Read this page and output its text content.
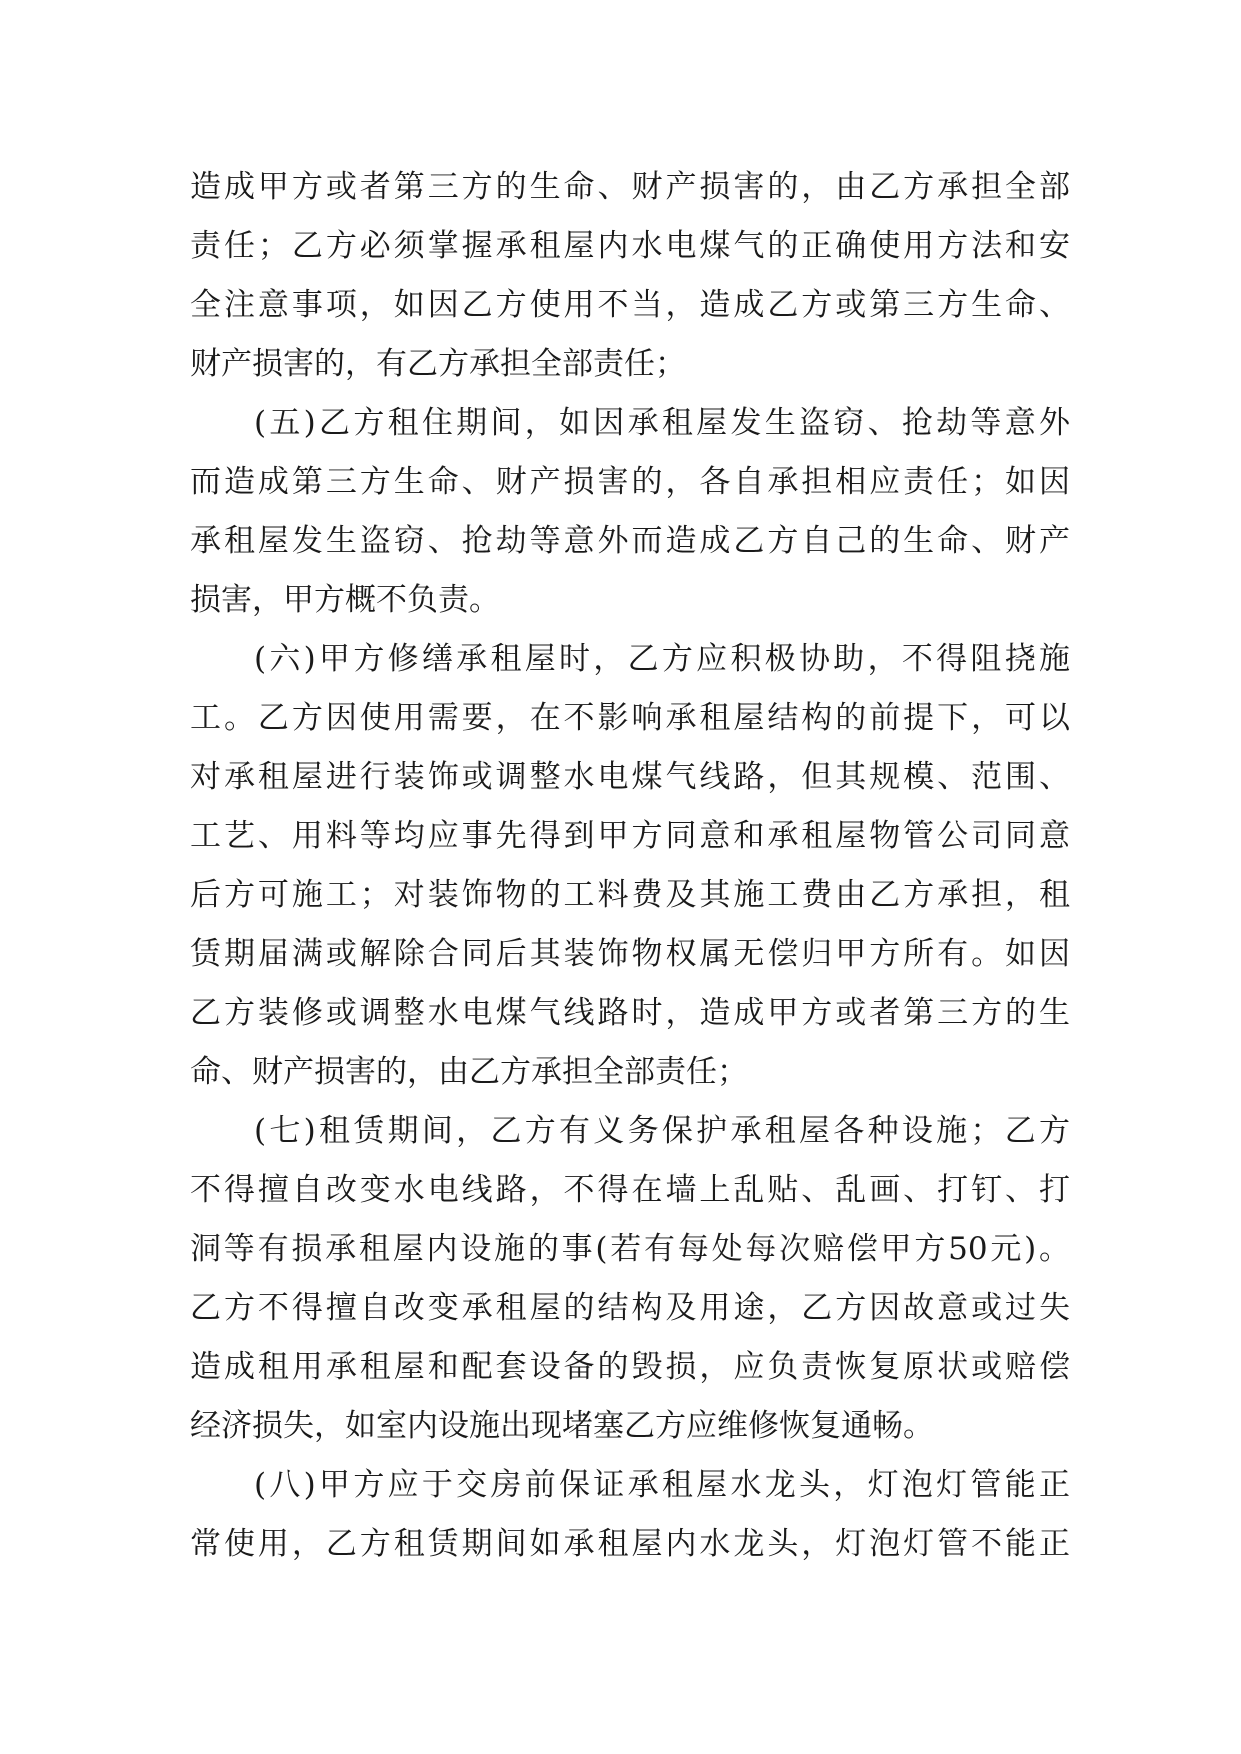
造成甲方或者第三方的生命、财产损害的，由乙方承担全部
责任；乙方必须掌握承租屋内水电煤气的正确使用方法和安
全注意事项，如因乙方使用不当，造成乙方或第三方生命、
财产损害的，有乙方承担全部责任；
(五)乙方租住期间，如因承租屋发生盗窃、抢劫等意外
而造成第三方生命、财产损害的，各自承担相应责任；如因
承租屋发生盗窃、抢劫等意外而造成乙方自己的生命、财产
损害，甲方概不负责。
(六)甲方修缮承租屋时，乙方应积极协助，不得阻挠施
工。乙方因使用需要，在不影响承租屋结构的前提下，可以
对承租屋进行装饰或调整水电煤气线路，但其规模、范围、
工艺、用料等均应事先得到甲方同意和承租屋物管公司同意
后方可施工；对装饰物的工料费及其施工费由乙方承担，租
赁期届满或解除合同后其装饰物权属无偿归甲方所有。如因
乙方装修或调整水电煤气线路时，造成甲方或者第三方的生
命、财产损害的，由乙方承担全部责任；
(七)租赁期间，乙方有义务保护承租屋各种设施；乙方
不得擅自改变水电线路，不得在墙上乱贴、乱画、打钉、打
洞等有损承租屋内设施的事(若有每处每次赔偿甲方50元)。
乙方不得擅自改变承租屋的结构及用途，乙方因故意或过失
造成租用承租屋和配套设备的毁损，应负责恢复原状或赔偿
经济损失，如室内设施出现堵塞乙方应维修恢复通畅。
(八)甲方应于交房前保证承租屋水龙头，灯泡灯管能正
常使用，乙方租赁期间如承租屋内水龙头，灯泡灯管不能正
